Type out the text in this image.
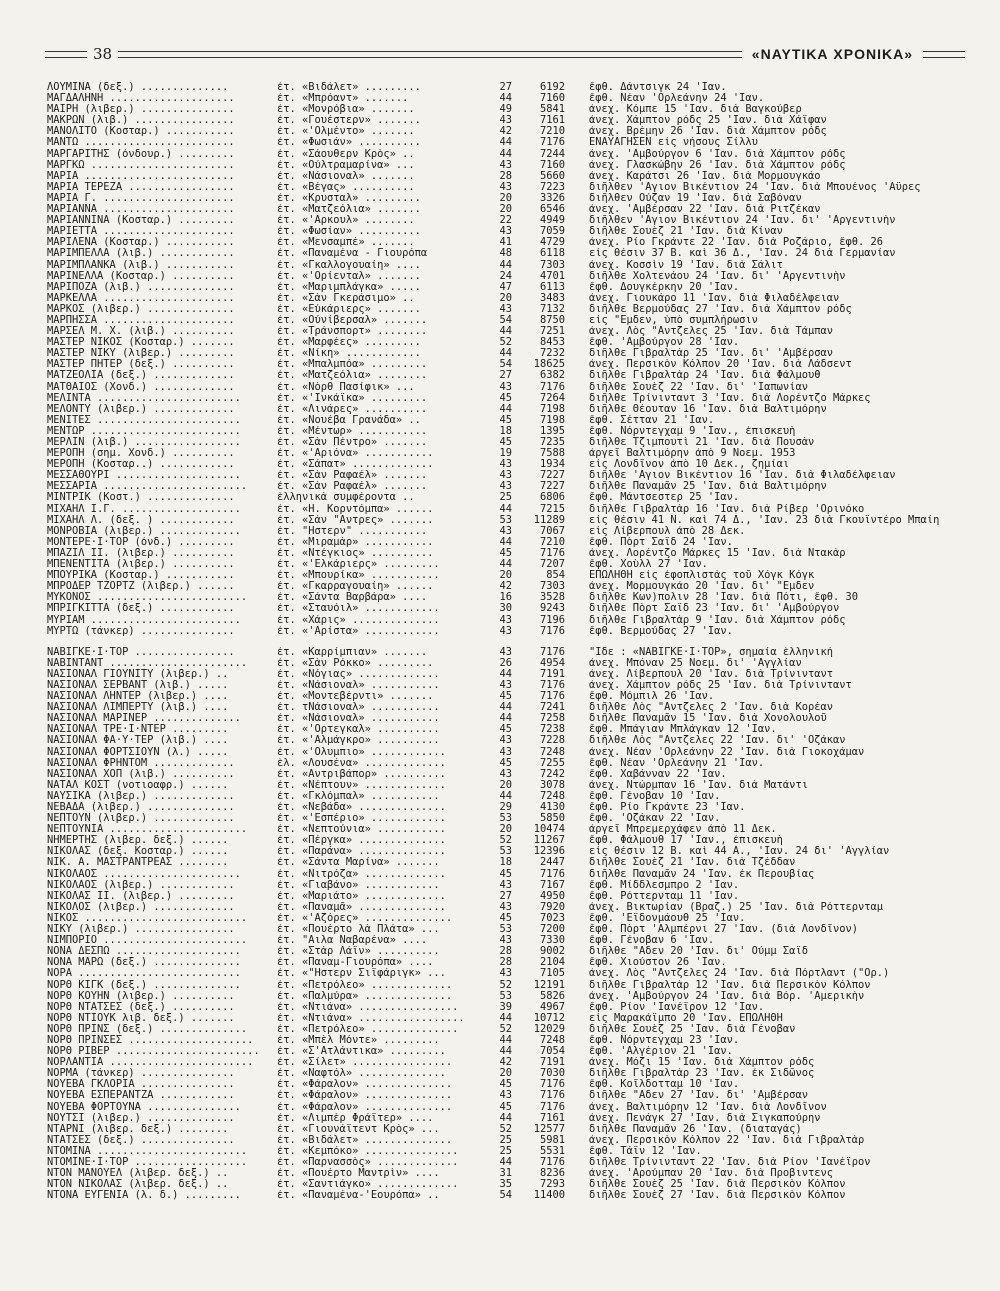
38	«ΝΑΥΤΙΚΑ ΧΡΟΝΙΚΑ»
ΛΟΥΜΙΝΑ (δεξ.) ..............	ἐτ. «Βιδάλετ» .........	27	6192 ἔφθ. Δάντσιγκ 24 'Ιαν.
ΜΑΓΔΑΛΗΝΗ ....................	ἐτ. «Μπρόαντ» .......	44	7160 ἔφθ. Νέαν 'Ορλεάνην 24 'Ιαν.
ΜΑΙΡΗ (λιβερ.) ...............	ἐτ. «Μονρόβια» .......	49	5841 ἀνεχ. Κόμπε 15 'Ιαν. διὰ Βαγκούβερ
ΜΑΚΡΩΝ (λιβ.) ................	ἐτ. «Γουέστερν» .......	43	7161 ἀνεχ. Χάμπτον ρόδς 25 'Ιαν. διὰ Χάϊφαν
ΜΑΝΟΛΙΤΟ (Κοσταρ.) ...........	ἐτ. «'Ολμέντο» .......	42	7210 ἀνεχ. Βρέμην 26 'Ιαν. διὰ Χάμπτον ρόδς
ΜΑΝΤΩ ........................	ἐτ. «Φωσιάν» ..........	44	7176 ΕΝΑΥΑΓΗΣΕΝ εἰς νήσους Σίλλυ
ΜΑΡΓΑΡΙΤΗΣ (ὀνδουρ.) .........	ἐτ. «Σάουθερν Κρὸς» ..	44	7244 ἀνεχ. 'Αμβούργον 6 'Ιαν. διὰ Χάμπτον ρόδς
ΜΑΡΓΚΩ .......................	ἐτ. «Ούλτραμαρίνα» ...	43	7160 ἀνεχ. Γλασκώβην 26 'Ιαν. διὰ Χάμπτον ρόδς
ΜΑΡΙΑ ........................	ἐτ. «Νάσιοναλ» .......	28	5660 ἀνεχ. Καράτσι 26 'Ιαν. διὰ Μορμουγκάο
ΜΑΡΙΑ ΤΕΡΕΖΑ .................	ἐτ. «Βέγας» ..........	43	7223 διῆλθεν 'Αγιον Βικέντιον 24 'Ιαν. διὰ Μπουένος 'Αϋρες
ΜΑΡΙΑ Γ. .....................	ἐτ. «Κρυσταλ» .........	20	3326 διῆλθεν Ούζαν 19 'Ιαν. διὰ Σαβόναν
ΜΑΡΙΑΝΝΑ .....................	ἐτ. «Ματζεόλια» .......	20	6546 ἀνεχ. 'Αμβέρσαν 22 'Ιαν. διὰ Ριτζέκαν
ΜΑΡΙΑΝΝΙΝΑ (Κοσταρ.) .........	ἐτ. «'Αρκουλ» ........	22	4949 διῆλθεν 'Αγιον Βικέντιον 24 'Ιαν. δι' 'Αργεντινὴν
ΜΑΡΙΕΤΤΑ .....................	ἐτ. «Φωσίαν» ..........	43	7059 διῆλθε Σουὲζ 21 'Ιαν. διὰ Κίναν
ΜΑΡΙΛΕΝΑ (Κοσταρ.) ...........	ἐτ. «Μενσαμπέ» .......	41	4729 ἀνεχ. Ρίο Γκράντε 22 'Ιαν. διὰ Ροζάριο, ἔφθ. 26
ΜΑΡΙΜΠΕΛΛΑ (λιβ.) ............	ἐτ. «Παναμένα - Γιουρόπα	48	6118 εἰς θέσιν 37 Β. καὶ 36 Δ., 'Ιαν. 24 διὰ Γερμανίαν
ΜΑΡΙΜΠΛΑΝΚΑ (λιβ.) ...........	ἐτ. «Γκαλλογουαίη» ....	44	7303 ἀνεχ. Κοσσὶν 19 'Ιαν. διὰ Σάλιτ
ΜΑΡΙΝΕΛΛΑ (Κοσταρ.) ..........	ἐτ. «'Ορίενταλ» .......	24	4701 διῆλθε Χολτενάου 24 'Ιαν. δι' 'Αργεντινὴν
ΜΑΡΙΠΟΖΑ (λιβ.) ..............	ἐτ. «Μαριμπλάγκα» .....	47	6113 ἔφθ. Δουγκέρκην 20 'Ιαν.
ΜΑΡΚΕΛΛΑ .....................	ἐτ. «Σὰν Γκεράσιμο» ..	20	3483 ἀνεχ. Γιουκάρο 11 'Ιαν. διὰ Φιλαδέλφειαν
ΜΑΡΚΟΣ (λιβερ.) ..............	ἐτ. «Εὐκάριερς» .......	43	7132 διῆλθε Βερμούδας 27 'Ιαν. διὰ Χάμπτον ρόδς
ΜΑΡΠΗΣΣΑ .....................	ἐτ. «Ούνίβερσαλ» .......	54	8750 εἰς "Εμδεν, ὑπὸ συμπλήρωσιν
ΜΑΡΣΕΛ Μ. Χ. (λιβ.) ..........	ἐτ. «Τράνσπορτ» ........	44	7251 ἀνεχ. Λὸς "Αντζελες 25 'Ιαν. διὰ Τάμπαν
ΜΑΣΤΕΡ ΝΙΚΟΣ (Κοσταρ.) .......	ἐτ. «Μαρφέες» .........	52	8453 ἔφθ. 'Αμβούργον 28 'Ιαν.
ΜΑΣΤΕΡ ΝΙΚΥ (λιβερ.) .........	ἐτ. «Νίκη» ............	44	7232 διῆλθε Γιβραλτὰρ 25 'Ιαν. δι' 'Αμβέρσαν
ΜΑΣΤΕΡ ΠΗΤΕΡ (δεξ.) ..........	ἐτ. «Μπαλμπόα» .........	54	18625 ἀνεχ. Περσικὸν Κόλπον 20 'Ιαν. διὰ Λάδσεντ
ΜΑΤΖΕΟΛΙΑ (δεξ.) .............	ἐτ. «Ματζεόλια» ........	27	6382 διῆλθε Γιβραλτὰρ 24 'Ιαν. διὰ Φάλμουθ
ΜΑΤΘΑΙΟΣ (Χονδ.) .............	ἐτ. «Νὸρθ Πασίφικ» ...	43	7176 διῆλθε Σουὲζ 22 'Ιαν. δι' 'Ιαπωνίαν
ΜΕΛΙΝΤΑ .......................	ἐτ. «'Ινκάϊκα» .........	45	7264 διῆλθε Τρίνινταντ 3 'Ιαν. διὰ Λορέντζο Μάρκες
ΜΕΛΟΝΤΥ (λιβερ.) .............	ἐτ. «Λινάρες» ..........	44	7198 διῆλθε Θέουταν 16 'Ιαν. διὰ Βαλτιμόρην
ΜΕΝΙΤΕΣ .......................	ἐτ. «Νουέβα Γρανάδα» ..	45	7198 ἔφθ. Σέτταν 21 'Ιαν.
ΜΕΝΤΩΡ ........................	ἐτ. «Μέντωρ» ...........	18	1395 ἔφθ. Νόρντεγχαμ 9 'Ιαν., ἐπισκευὴ
ΜΕΡΛΙΝ (λιβ.) .................	ἐτ. «Σὰν Πέντρο» .......	45	7235 διῆλθε Τζιμπουτὶ 21 'Ιαν. διὰ Πουσὰν
ΜΕΡΟΠΗ (σημ. Χονδ.) ..........	ἐτ. «'Αριόνα» ...........	19	7588 ἀργεῖ Βαλτιμόρην ἀπὸ 9 Νοεμ. 1953
ΜΕΡΟΠΗ (Κοσταρ..) ............	ἐτ. «Σάπατ» .............	43	1934 εἰς Λονδῖνον ἀπὸ 10 Δεκ., ζημίαι
ΜΕΣΣΑΘΟΥΡΙ ....................	ἐτ. «Σὰν Ραφαέλ» .......	43	7227 διῆλθε 'Αγιον Βικέντιον 16 'Ιαν. διὰ Φιλαδέλφειαν
ΜΕΣΣΑΡΙΑ .......................	ἐτ. «Σὰν Ραφαέλ» .......	43	7227 διῆλθε Παναμᾶν 25 'Ιαν. διὰ Βαλτιμόρην
ΜΙΝΤΡΙΚ (Κοστ.) ..............	ἑλληνικὰ συμφέροντα ..	25	6806 ἔφθ. Μάντσεστερ 25 'Ιαν.
ΜΙΧΑΗΛ Ι.Γ. ...................	ἐτ. «Η. Κορντόμπα» ......	44	7215 διῆλθε Γιβραλτὰρ 16 'Ιαν. διὰ Ρίβερ 'Ορινόκο
ΜΙΧΑΗΛ Λ. (δεξ. ) ............	ἐτ. «Σὰν "Αντρες» .......	53	11289 εἰς θέσιν 41 Ν. καὶ 74 Δ., 'Ιαν. 23 διὰ Γκουϊντέρο Μπαίη
ΜΟΝΡΟΒΙΑ (λιβερ.) .............	ἐτ. "Ηστερν" ...........	43	7067 εἰς Λίβερπουλ ἀπὸ 28 Δεκ.
ΜΟΝΤΕΡΕ·Ι·ΤΟΡ (ὀνδ.) .........	ἐτ. «Μιραμὰρ» ...........	44	7210 ἔφθ. Πὸρτ Σαΐδ 24 'Ιαν.
ΜΠΑΖΙΛ ΙΙ. (λιβερ.) ..........	ἐτ. «Ντέγκιος» ..........	45	7176 ἀνεχ. Λορέντζο Μάρκες 15 'Ιαν. διὰ Ντακὰρ
ΜΠΕΝΕΝΤΙΤΑ (λιβερ.) ..........	ἐτ. «'Ελκάριερς» .........	44	7207 ἔφθ. Χοὺλλ 27 'Ιαν.
ΜΠΟΥΡΙΚΑ (Κοσταρ.) ...........	ἐτ. «Μπουρίκα» ...........	20	854 ΕΠΩΛΗΘΗ εἰς ἐφοπλιστὰς τοῦ Χόγκ Κόγκ
ΜΠΡΟΔΕΡ ΤΖΟΡΤΖ (λιβερ.) ......	ἐτ. «Γκαρραγουαίη» ......	42	7303 ἀνεχ. Μορμουγκάο 20 'Ιαν. δι' "Εμδεν
ΜΥΚΟΝΟΣ ........................	ἐτ. «Σάντα Βαρβάρα» ....	16	3528 διῆλθε Κων)πολιν 28 'Ιαν. διὰ Πότι, ἔφθ. 30
ΜΠΡΙΓΚΙΤΤΑ (δεξ.) ............	ἐτ. «Σταυόιλ» ............	30	9243 διῆλθε Πὸρτ Σαΐδ 23 'Ιαν. δι' 'Αμβούργον
ΜΥΡΙΑΜ ........................	ἐτ. «Χάρις» ..............	43	7196 διῆλθε Γιβραλτὰρ 9 'Ιαν. διὰ Χάμπτον ρόδς
ΜΥΡΤΩ (τάνκερ) ...............	ἐτ. «'Αρίστα» ............	43	7176 ἔφθ. Βερμούδας 27 'Ιαν.
ΝΑΒΙΓΚΕ·Ι·ΤΟΡ ................	ἐτ. «Καρρίμπιαν» .......	43	7176 "Ιδε : «ΝΑΒΙΓΚΕ·Ι·ΤΟΡ», σημαία ἑλληνική
ΝΑΒΙΝΤΑΝΤ ......................	ἐτ. «Σὰν Ρόκκο» .........	26	4954 ἀνεχ. Μπόναν 25 Νοεμ. δι' 'Αγγλίαν
ΝΑΣΙΟΝΑΛ ΓΙΟΥΝΙΤΥ (λιβερ.) ..	ἐτ. «Νόγιας» .............	44	7191 ἀνεχ. Λίβερπουλ 20 'Ιαν. διὰ Τρίνινταντ
ΝΑΣΙΟΝΑΛ ΣΕΡΒΑΝΤ (λιβ.) .....	ἐτ. «Νάσιοναλ» ...........	43	7176 ἀνεχ. Χάμπτον ρόδς 25 'Ιαν. διὰ Τρίνινταντ
ΝΑΣΙΟΝΑΛ ΛΗΝΤΕΡ (λιβερ.) ....	ἐτ. «Μοντεβέρντι» .......	45	7176 ἔφθ. Μόμπιλ 26 'Ιαν.
ΝΑΣΙΟΝΑΛ ΛΙΜΠΕΡΤΥ (λιβ.) ....	ἐτ. τΝάσιοναλ» ...........	44	7241 διῆλθε Λὸς "Αντζελες 2 'Ιαν. διὰ Κορέαν
ΝΑΣΙΟΝΑΛ ΜΑΡΙΝΕΡ ..............	ἐτ. «Νάσιοναλ» ...........	44	7258 διῆλθε Παναμᾶν 15 'Ιαν. διὰ Χονολουλοῦ
ΝΑΣΙΟΝΑΛ ΤΡΕ·Ι·ΝΤΕΡ .........	ἐτ. «'Ορτεγκαλ» ..........	45	7238 ἔφθ. Μπάγιαν Μπλάγκαν 12 'Ιαν.
ΝΑΣΙΟΝΑΛ ΦΑ·Υ·ΤΕΡ (λιβ.) ....	ἐτ. «'Αλμάγκρο» ..........	43	7228 διῆλθε Λὸς "Αντζελες 22 'Ιαν. δι' 'Οζάκαν
ΝΑΣΙΟΝΑΛ ΦΟΡΤΣΙΟΥΝ (λ.) .....	ἐτ. «'Ολυμπιο» ............	43	7248 ἀνεχ. Νέαν 'Ορλεάνην 22 'Ιαν. διὰ Γιοκοχάμαν
ΝΑΣΙΟΝΑΛ ΦΡΗΝΤΟΜ .............	ἑλ. «Λουσένα» .............	45	7255 ἔφθ. Νέαν 'Ορλεάνην 21 'Ιαν.
ΝΑΣΙΟΝΑΛ ΧΟΠ (λιβ.) ..........	ἐτ. «Αντριβάπορ» ..........	43	7242 ἔφθ. Χαβάνναν 22 'Ιαν.
ΝΑΤΑΛ ΚΟΣΤ (νοτιοαφρ.) ......	ἐτ. «Νέπτουν» .............	20	3078 ἀνεχ. Ντώρμπαν 16 'Ιαν. διὰ Ματάντι
ΝΑΥΣΙΚΑ (λιβερ.) .............	ἐτ. «Γκλόμπαλ» ...........	44	7248 ἔφθ. Γένοβαν 10 'Ιαν.
ΝΕΒΑΔΑ (λιβερ.) ..............	ἐτ. «Νεβάδα» ..............	29	4130 ἔφθ. Ρίο Γκράντε 23 'Ιαν.
ΝΕΠΤΟΥΝ (λιβερ.) .............	ἐτ. «'Εσπέριο» ............	53	5850 ἔφθ. 'Οζάκαν 22 'Ιαν.
ΝΕΠΤΟΥΝΙΑ ......................	ἐτ. «Νεπτούνια» ...........	20	10474 ἀργεῖ Μπρεμερχάφεν ἀπὸ 11 Δεκ.
ΝΗΜΕΡΤΗΣ (λιβερ. δεξ.) ......	ἐτ. «Πέργκα» ..............	52	11267 ἔφθ. Φάλμουθ 17 'Ιαν., ἐπισκευὴ
ΝΙΚΟΛΑΣ (δεξ. Κοσταρ.) ......	ἐτ. «Παράνα» ..............	53	12396 εἰς θέσιν 12 Β. καὶ 44 Α., 'Ιαν. 24 δι' 'Αγγλίαν
ΝΙΚ. Α. ΜΑΣΤΡΑΝΤΡΕΑΣ ........	ἐτ. «Σάντα Μαρίνα» .......	18	2447 διῆλθε Σουὲζ 21 'Ιαν. διὰ Τζέδδαν
ΝΙΚΟΛΑΟΣ ......................	ἐτ. «Νιτρόζα» .............	45	7176 διῆλθε Παναμᾶν 24 'Ιαν. ἐκ Περουβίας
ΝΙΚΟΛΑΟΣ (λιβερ.) ............	ἐτ. «Γιαβάνο» ............	43	7167 ἔφθ. Μίδδλεσμπρο 2 'Ιαν.
ΝΙΚΟΛΑΣ ΙΙ. (λιβερ.) .........	ἐτ. «Μαριάτο» .............	27	4950 ἔφθ. Ρόττερνταμ 11 'Ιαν.
ΝΙΚΟΛΟΣ (λιβερ.) .............	ἐτ. «Παναμᾶ» ..............	43	7920 ἀνεχ. Βικτωρίαν (Βραζ.) 25 'Ιαν. διὰ Ρόττερνταμ
ΝΙΚΟΣ ..........................	ἐτ. «'Αζόρες» ..............	45	7023 ἔφθ. 'Εϊδονμάουθ 25 'Ιαν.
ΝΙΚΥ (λιβερ.) ................	ἐτ. «Πουέρτο λὰ Πλάτα» ...	53	7200 ἔφθ. Πὸρτ 'Αλμπέρνι 27 'Ιαν. (διὰ Λονδῖνον)
ΝΙΜΠΟΡΙΟ .......................	ἐτ. "Αιλα Ναβαρένα» ....	43	7330 ἔφθ. Γένοβαν 6 'Ιαν.
ΝΟΝΑ ΔΕΣΠΩ ....................	ἐτ. «Στὰρ Λάϊν» ..........	28	9002 διῆλθε "Αδεν 20 'Ιαν. δι' Ούμμ Σαΐδ
ΝΟΝΑ ΜΑΡΩ (δεξ.) ..............	ἐτ. «Παναμ-Γιουρόπα» ....	28	2104 ἔφθ. Χιούστον 26 'Ιαν.
ΝΟΡΑ ..........................	ἐτ. «"Ηστερν Σιϊφάριγκ» ...	43	7105 ἀνεχ. Λὸς "Αντζελες 24 'Ιαν. διὰ Πόρτλαντ ("Ορ.)
ΝΟΡΘ ΚΙΓΚ (δεξ.) ..............	ἐτ. «Πετρόλεο» .............	52	12191 διῆλθε Γιβραλτὰρ 12 'Ιαν. διὰ Περσικὸν Κόλπον
ΝΟΡΘ ΚΟΥΗΝ (λιβερ.) ..........	ἐτ. «Παλμύρα» ..............	53	5826 ἀνεχ. 'Αμβούργον 24 'Ιαν. διὰ Βόρ. 'Αμερικὴν
ΝΟΡΘ ΝΤΑΤΣΕΣ (δεξ.) ..........	ἐτ. «Ντιάνα» ................	39	4967 ἔφθ. Ρίον 'Ιανέϊρον 12 'Ιαν.
ΝΟΡΘ ΝΤΙΟΥΚ λιβ. δεξ.) .......	ἐτ. «Ντιάνα» .................	44	10712 εἰς Μαρακάϊμπο 20 'Ιαν. ΕΠΩΛΗΘΗ
ΝΟΡΘ ΠΡΙΝΣ (δεξ.) ..............	ἐτ. «Πετρόλεο» ..............	52	12029 διῆλθε Σουὲζ 25 'Ιαν. διὰ Γένοβαν
ΝΟΡΘ ΠΡΙΝΣΕΣ ....................	ἐτ. «Μπὲλ Μόντε» .........	44	7248 ἔφθ. Νόρντεγχαμ 23 'Ιαν.
ΝΟΡΘ ΡΙΒΕΡ .......................	ἐτ. «Σ'Ατλάντικα» .........	44	7054 ἔφθ. 'Αλγέριον 21 'Ιαν.
ΝΟΡΛΑΝΤΙΑ .......................	ἐτ. «Σίλετ» ................	42	7191 ἀνεχ. Μόζι 15 'Ιαν. διὰ Χάμπτον ρόδς
ΝΟΡΜΑ (τάνκερ) ...............	ἐτ. «Ναφτόλ» ..............	20	7030 διῆλθε Γιβραλτὰρ 23 'Ιαν. ἐκ Σιδῶνος
ΝΟΥΕΒΑ ΓΚΛΟΡΙΑ ...............	ἐτ. «Φάραλον» ..............	45	7176 ἔφθ. Κοῖλδοτταμ 10 'Ιαν.
ΝΟΥΕΒΑ ΕΣΠΕΡΑΝΤΖΑ ............	ἐτ. «Φάραλον» ..............	43	7176 διῆλθε "Αδεν 27 'Ιαν. δι' 'Αμβέρσαν
ΝΟΥΕΒΑ ΦΟΡΤΟΥΝΑ ...............	ἐτ. «Φάραλον» ..............	45	7176 ἀνεχ. Βαλτιμόρην 12 'Ιαν. διὰ Λονδῖνον
ΝΟΥΤΣΙ (λιβερ.) ..............	ἐτ. «Λιμπὲρ Φράϊτερ» ....	44	7161 ἀνεχ. Πενάγκ 27 'Ιαν. διὰ Σιγκαπούρην
ΝΤΑΡΝΙ (λιβερ. δεξ.) ........	ἐτ. «Γιουνάϊτεντ Κρὸς» ...	52	12577 διῆλθε Παναμᾶν 26 'Ιαν. (διαταγάς)
ΝΤΑΤΣΕΣ (δεξ.) ...............	ἐτ. «Βιδάλετ» ..............	25	5981 ἀνεχ. Περσικὸν Κόλπον 22 'Ιαν. διὰ Γιβραλτὰρ
ΝΤΟΜΙΝΑ ........................	ἐτ. «Κεμπόκο» ...............	25	5531 ἔφθ. Τάϊν 12 'Ιαν.
ΝΤΟΜΙΝΕ·Ι·ΤΟΡ ..................	ἐτ. «Παρνασσὸς» .............	44	7176 διῆλθε Τρίνινταντ 22 'Ιαν. διὰ Ρίον 'Ιανέϊρον
ΝΤΟΝ ΜΑΝΟΥΕΛ (λιβερ. δεξ.) ..	ἐτ. «Πουέρτο Μαντρὶν» ....	31	8236 ἀνεχ. 'Αρούμπαν 20 'Ιαν. διὰ Προβιντενς
ΝΤΟΝ ΝΙΚΟΛΑΣ (λιβερ. δεξ.) ..	ἐτ. «Σαντιάγκο» .............	35	7293 διῆλθε Σουὲζ 25 'Ιαν. διὰ Περσικὸν Κόλπον
ΝΤΟΝΑ ΕΥΓΕΝΙΑ (λ. δ.) .........	ἐτ. «Παναμένα-'Εουρόπα» ..	54	11400 διῆλθε Σουὲζ 27 'Ιαν. διὰ Περσικὸν Κόλπον
